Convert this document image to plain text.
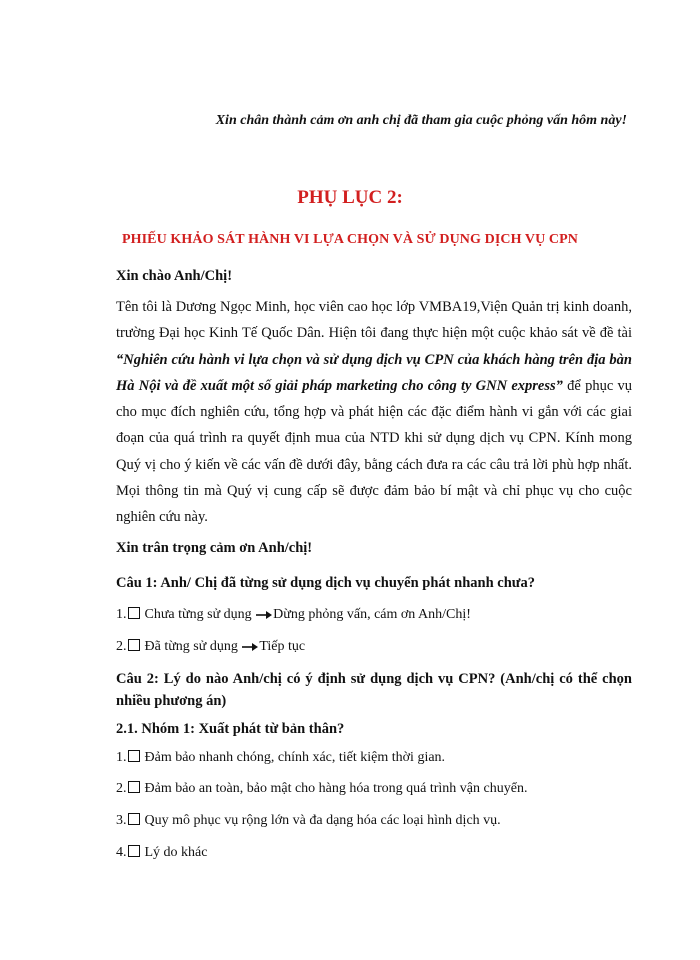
Xin chân thành cảm ơn anh chị đã tham gia cuộc phỏng vấn hôm này!
PHỤ LỤC 2:
PHIẾU KHẢO SÁT HÀNH VI LỰA CHỌN VÀ SỬ DỤNG DỊCH VỤ CPN
Xin chào Anh/Chị!
Tên tôi là Dương Ngọc Minh, học viên cao học lớp VMBA19,Viện Quản trị kinh doanh, trường Đại học Kinh Tế Quốc Dân. Hiện tôi đang thực hiện một cuộc khảo sát về đề tài “Nghiên cứu hành vi lựa chọn và sử dụng dịch vụ CPN của khách hàng trên địa bàn Hà Nội và đề xuất một số giải pháp marketing cho công ty GNN express” để phục vụ cho mục đích nghiên cứu, tổng hợp và phát hiện các đặc điểm hành vi gắn với các giai đoạn của quá trình ra quyết định mua của NTD khi sử dụng dịch vụ CPN. Kính mong Quý vị cho ý kiến về các vấn đề dưới đây, bằng cách đưa ra các câu trả lời phù hợp nhất. Mọi thông tin mà Quý vị cung cấp sẽ được đảm bảo bí mật và chỉ phục vụ cho cuộc nghiên cứu này.
Xin trân trọng cảm ơn Anh/chị!
Câu 1: Anh/ Chị đã từng sử dụng dịch vụ chuyển phát nhanh chưa?
1. Chưa từng sử dụng Dừng phỏng vấn, cám ơn Anh/Chị!
2. Đã từng sử dụng Tiếp tục
Câu 2: Lý do nào Anh/chị có ý định sử dụng dịch vụ CPN? (Anh/chị có thể chọn nhiều phương án)
2.1. Nhóm 1: Xuất phát từ bản thân?
1. Đảm bảo nhanh chóng, chính xác, tiết kiệm thời gian.
2. Đảm bảo an toàn, bảo mật cho hàng hóa trong quá trình vận chuyển.
3. Quy mô phục vụ rộng lớn và đa dạng hóa các loại hình dịch vụ.
4. Lý do khác
